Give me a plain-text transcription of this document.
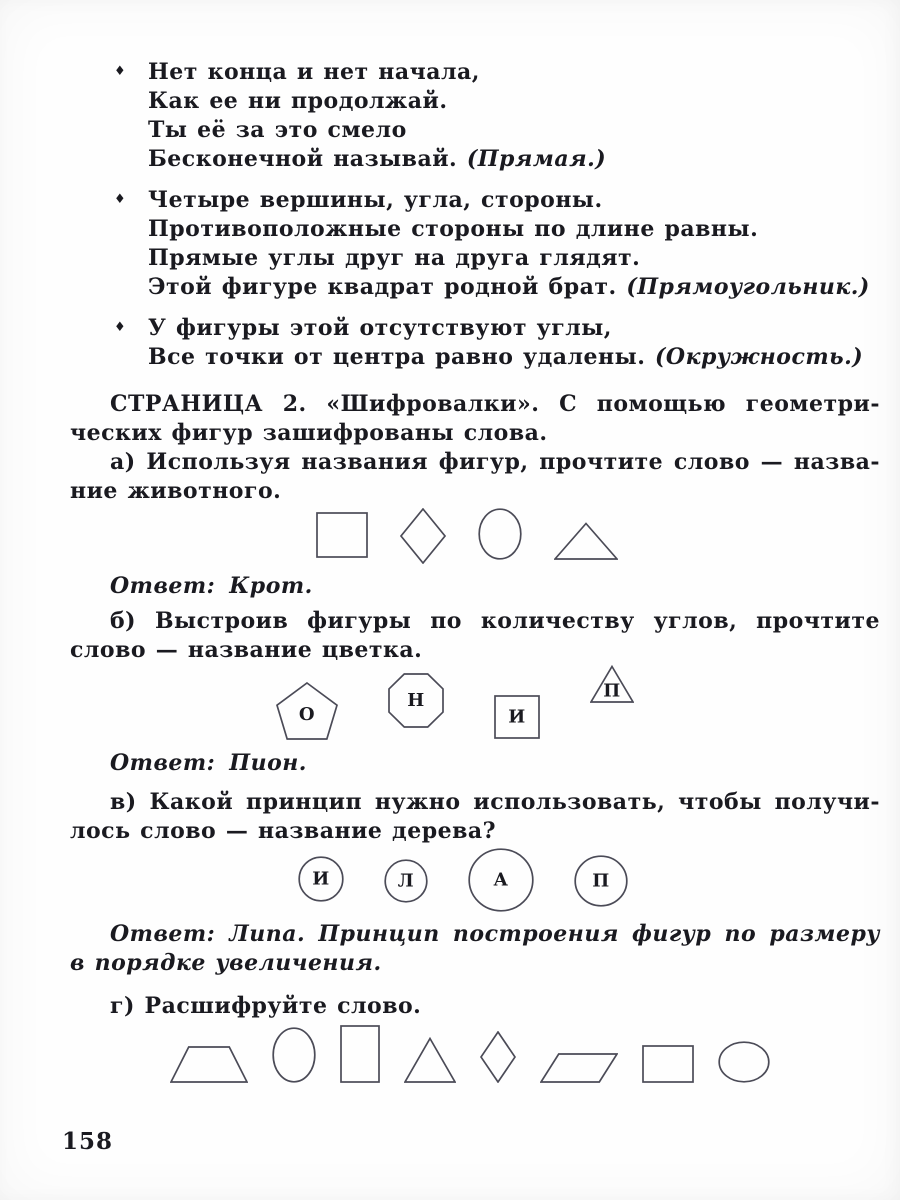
♦ Нет конца и нет начала,
Как ее ни продолжай.
Ты её за это смело
Бесконечной называй. (Прямая.)
♦ Четыре вершины, угла, стороны.
Противоположные стороны по длине равны.
Прямые углы друг на друга глядят.
Этой фигуре квадрат родной брат. (Прямоугольник.)
♦ У фигуры этой отсутствуют углы,
Все точки от центра равно удалены. (Окружность.)
СТРАНИЦА 2. «Шифровалки». С помощью геометри-
ческих фигур зашифрованы слова.
а) Используя названия фигур, прочтите слово — назва-
ние животного.
Ответ: Крот.
б) Выстроив фигуры по количеству углов, прочтите
слово — название цветка.
О
Н
И
П
Ответ: Пион.
в) Какой принцип нужно использовать, чтобы получи-
лось слово — название дерева?
И	Л	А	П
Ответ: Липа. Принцип построения фигур по размеру
в порядке увеличения.
г) Расшифруйте слово.
158
